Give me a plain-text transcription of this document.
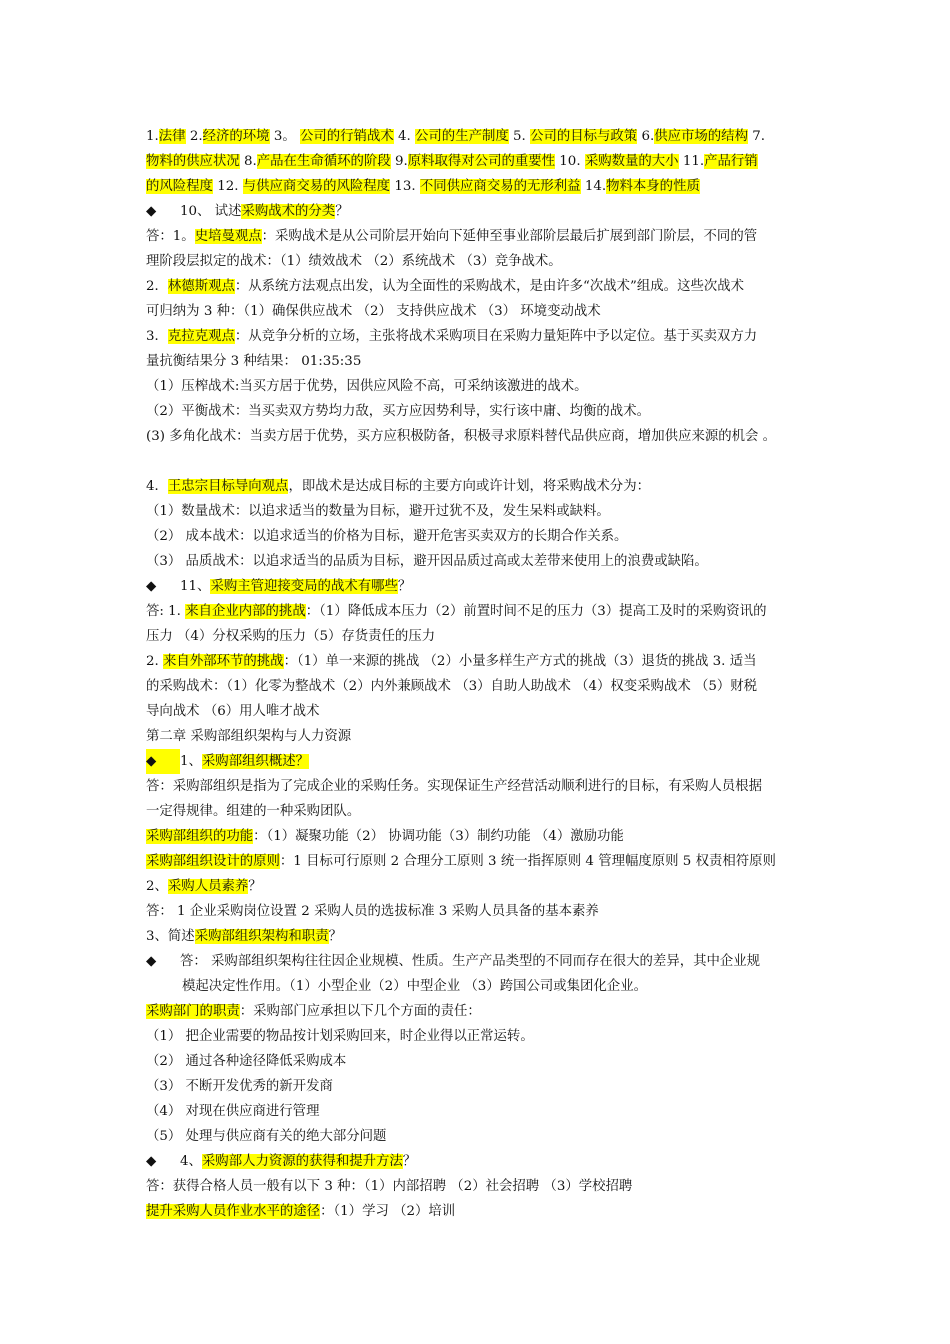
1.法律 2.经济的环境 3。 公司的行销战术 4. 公司的生产制度 5. 公司的目标与政策 6.供应市场的结构 7.

物料的供应状况 8.产品在生命循环的阶段 9.原料取得对公司的重要性 10. 采购数量的大小 11.产品行销

的风险程度 12. 与供应商交易的风险程度 13. 不同供应商交易的无形利益 14.物料本身的性质

◆ 10、 试述采购战术的分类？

答：1。史培曼观点：采购战术是从公司阶层开始向下延伸至事业部阶层最后扩展到部门阶层，不同的管

理阶段层拟定的战术：（1）绩效战术 （2）系统战术 （3）竞争战术。

2．林德斯观点：从系统方法观点出发，认为全面性的采购战术，是由许多“次战术”组成。这些次战术

可归纳为 3 种：（1）确保供应战术 （2） 支持供应战术 （3） 环境变动战术

3．克拉克观点：从竞争分析的立场，主张将战术采购项目在采购力量矩阵中予以定位。基于买卖双方力

量抗衡结果分 3 种结果： 01:35:35

（1）压榨战术:当买方居于优势，因供应风险不高，可采纳该激进的战术。

（2）平衡战术：当买卖双方势均力敌，买方应因势利导，实行该中庸、均衡的战术。

(3) 多角化战术：当卖方居于优势，买方应积极防备，积极寻求原料替代品供应商，增加供应来源的机会 。

4．王忠宗目标导向观点，即战术是达成目标的主要方向或许计划，将采购战术分为：

（1）数量战术：以追求适当的数量为目标，避开过犹不及，发生呆料或缺料。

（2） 成本战术：以追求适当的价格为目标，避开危害买卖双方的长期合作关系。

（3） 品质战术：以追求适当的品质为目标，避开因品质过高或太差带来使用上的浪费或缺陷。

◆ 11、采购主管迎接变局的战术有哪些？

答: 1. 来自企业内部的挑战：（1）降低成本压力（2）前置时间不足的压力（3）提高工及时的采购资讯的

压力 （4）分权采购的压力（5）存货责任的压力

2. 来自外部环节的挑战：（1）单一来源的挑战 （2）小量多样生产方式的挑战（3）退货的挑战 3. 适当

的采购战术：（1）化零为整战术（2）内外兼顾战术 （3）自助人助战术 （4）权变采购战术 （5）财税

导向战术 （6）用人唯才战术

第二章 采购部组织架构与人力资源

◆ 1、采购部组织概述？

答：采购部组织是指为了完成企业的采购任务。实现保证生产经营活动顺利进行的目标，有采购人员根据

一定得规律。组建的一种采购团队。

采购部组织的功能：（1）凝聚功能（2） 协调功能（3）制约功能 （4）激励功能

采购部组织设计的原则：1 目标可行原则 2 合理分工原则 3 统一指挥原则 4 管理幅度原则 5 权责相符原则

2、采购人员素养？

答： 1 企业采购岗位设置 2 采购人员的选拔标准 3 采购人员具备的基本素养

3、简述采购部组织架构和职责？

◆ 答： 采购部组织架构往往因企业规模、性质。生产产品类型的不同而存在很大的差异，其中企业规

模起决定性作用。（1）小型企业（2）中型企业 （3）跨国公司或集团化企业。

采购部门的职责：采购部门应承担以下几个方面的责任：

（1） 把企业需要的物品按计划采购回来，时企业得以正常运转。

（2） 通过各种途径降低采购成本

（3） 不断开发优秀的新开发商

（4） 对现在供应商进行管理

（5） 处理与供应商有关的绝大部分问题

◆ 4、采购部人力资源的获得和提升方法？

答：获得合格人员一般有以下 3 种：（1）内部招聘 （2）社会招聘 （3）学校招聘

提升采购人员作业水平的途径：（1）学习 （2）培训
